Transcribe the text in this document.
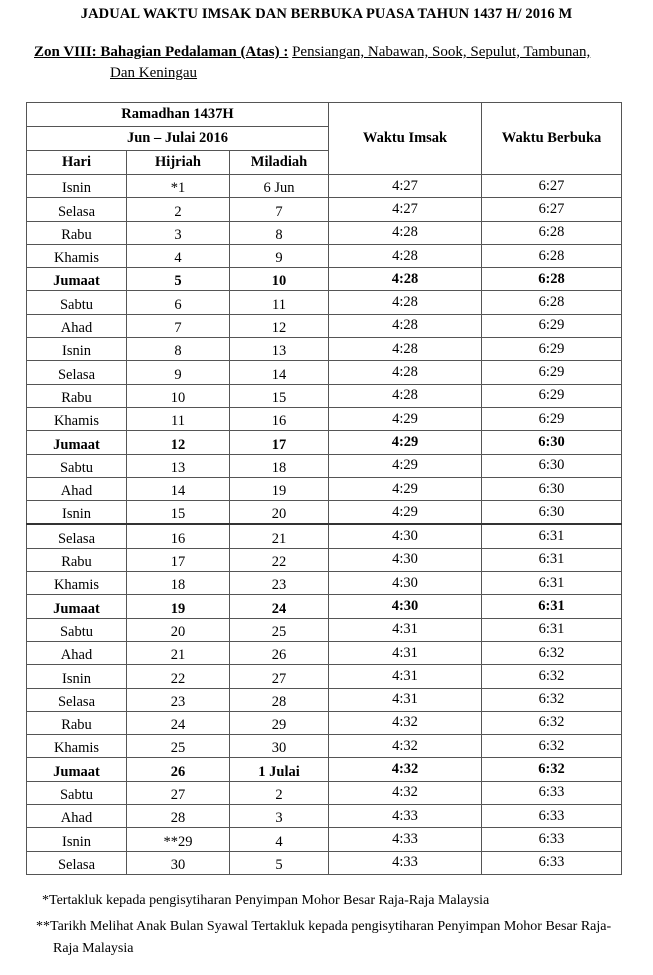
JADUAL WAKTU IMSAK DAN BERBUKA PUASA TAHUN 1437 H/ 2016 M
Zon VIII: Bahagian Pedalaman (Atas) : Pensiangan, Nabawan, Sook, Sepulut, Tambunan,
Dan Keningau
Ramadhan 1437H			Waktu Imsak	Waktu Berbuka
Jun – Julai 2016				
Hari	Hijriah	Miladiah		
Isnin	*1	6 Jun	4:27	6:27
Selasa	2	7	4:27	6:27
Rabu	3	8	4:28	6:28
Khamis	4	9	4:28	6:28
Jumaat	5	10	4:28	6:28
Sabtu	6	11	4:28	6:28
Ahad	7	12	4:28	6:29
Isnin	8	13	4:28	6:29
Selasa	9	14	4:28	6:29
Rabu	10	15	4:28	6:29
Khamis	11	16	4:29	6:29
Jumaat	12	17	4:29	6:30
Sabtu	13	18	4:29	6:30
Ahad	14	19	4:29	6:30
Isnin	15	20	4:29	6:30
Selasa	16	21	4:30	6:31
Rabu	17	22	4:30	6:31
Khamis	18	23	4:30	6:31
Jumaat	19	24	4:30	6:31
Sabtu	20	25	4:31	6:31
Ahad	21	26	4:31	6:32
Isnin	22	27	4:31	6:32
Selasa	23	28	4:31	6:32
Rabu	24	29	4:32	6:32
Khamis	25	30	4:32	6:32
Jumaat	26	1 Julai	4:32	6:32
Sabtu	27	2	4:32	6:33
Ahad	28	3	4:33	6:33
Isnin	**29	4	4:33	6:33
Selasa	30	5	4:33	6:33
*Tertakluk kepada pengisytiharan Penyimpan Mohor Besar Raja-Raja Malaysia
**Tarikh Melihat Anak Bulan Syawal Tertakluk kepada pengisytiharan Penyimpan Mohor Besar Raja-Raja Malaysia
